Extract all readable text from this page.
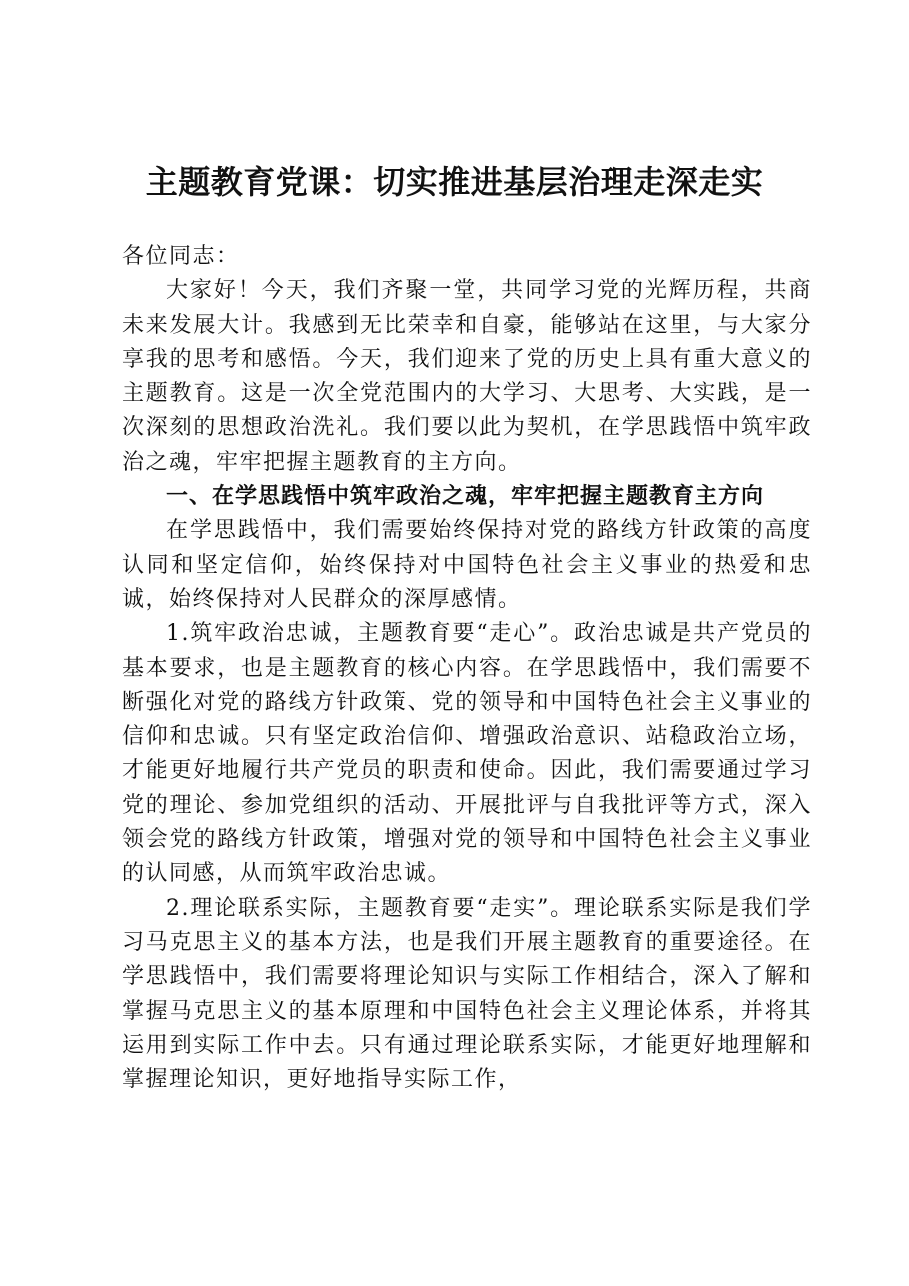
主题教育党课：切实推进基层治理走深走实

各位同志：

大家好！今天，我们齐聚一堂，共同学习党的光辉历程，共商未来发展大计。我感到无比荣幸和自豪，能够站在这里，与大家分享我的思考和感悟。今天，我们迎来了党的历史上具有重大意义的主题教育。这是一次全党范围内的大学习、大思考、大实践，是一次深刻的思想政治洗礼。我们要以此为契机，在学思践悟中筑牢政治之魂，牢牢把握主题教育的主方向。

一、在学思践悟中筑牢政治之魂，牢牢把握主题教育主方向

在学思践悟中，我们需要始终保持对党的路线方针政策的高度认同和坚定信仰，始终保持对中国特色社会主义事业的热爱和忠诚，始终保持对人民群众的深厚感情。

1.筑牢政治忠诚，主题教育要“走心”。政治忠诚是共产党员的基本要求，也是主题教育的核心内容。在学思践悟中，我们需要不断强化对党的路线方针政策、党的领导和中国特色社会主义事业的信仰和忠诚。只有坚定政治信仰、增强政治意识、站稳政治立场，才能更好地履行共产党员的职责和使命。因此，我们需要通过学习党的理论、参加党组织的活动、开展批评与自我批评等方式，深入领会党的路线方针政策，增强对党的领导和中国特色社会主义事业的认同感，从而筑牢政治忠诚。

2.理论联系实际，主题教育要“走实”。理论联系实际是我们学习马克思主义的基本方法，也是我们开展主题教育的重要途径。在学思践悟中，我们需要将理论知识与实际工作相结合，深入了解和掌握马克思主义的基本原理和中国特色社会主义理论体系，并将其运用到实际工作中去。只有通过理论联系实际，才能更好地理解和掌握理论知识，更好地指导实际工作，
